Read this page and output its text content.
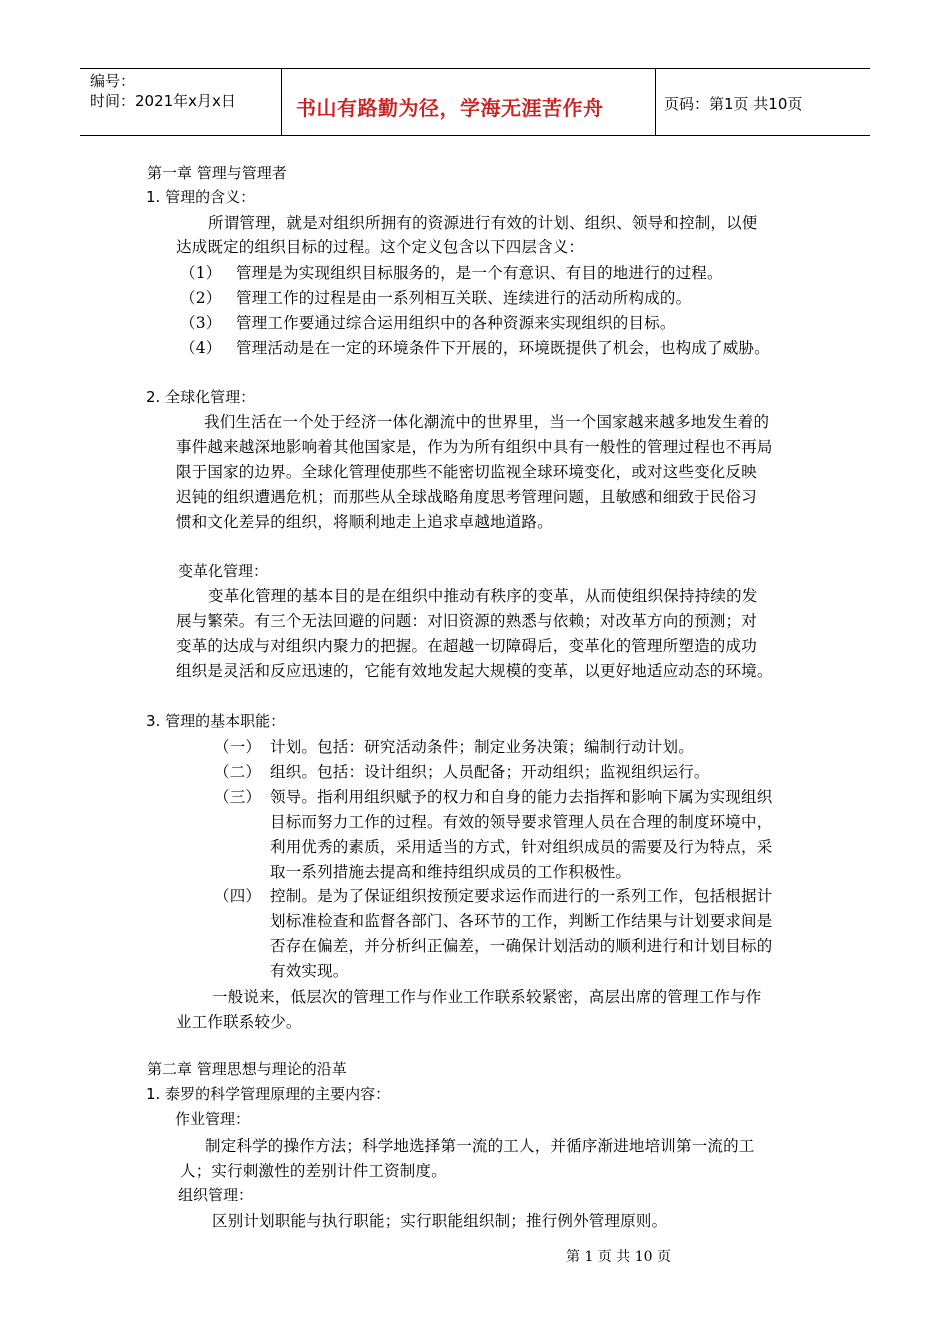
编号：
时间：2021年x月x日	书山有路勤为径，学海无涯苦作舟	页码：第1页 共10页
第一章 管理与管理者
1. 管理的含义：
所谓管理，就是对组织所拥有的资源进行有效的计划、组织、领导和控制，以便
达成既定的组织目标的过程。这个定义包含以下四层含义：
（1） 管理是为实现组织目标服务的，是一个有意识、有目的地进行的过程。
（2） 管理工作的过程是由一系列相互关联、连续进行的活动所构成的。
（3） 管理工作要通过综合运用组织中的各种资源来实现组织的目标。
（4） 管理活动是在一定的环境条件下开展的，环境既提供了机会，也构成了威胁。
2. 全球化管理：
我们生活在一个处于经济一体化潮流中的世界里，当一个国家越来越多地发生着的
事件越来越深地影响着其他国家是，作为为所有组织中具有一般性的管理过程也不再局
限于国家的边界。全球化管理使那些不能密切监视全球环境变化，或对这些变化反映
迟钝的组织遭遇危机；而那些从全球战略角度思考管理问题，且敏感和细致于民俗习
惯和文化差异的组织，将顺利地走上追求卓越地道路。
变革化管理：
变革化管理的基本目的是在组织中推动有秩序的变革，从而使组织保持持续的发
展与繁荣。有三个无法回避的问题：对旧资源的熟悉与依赖；对改革方向的预测；对
变革的达成与对组织内聚力的把握。在超越一切障碍后，变革化的管理所塑造的成功
组织是灵活和反应迅速的，它能有效地发起大规模的变革，以更好地适应动态的环境。
3. 管理的基本职能：
（一） 计划。包括：研究活动条件；制定业务决策；编制行动计划。
（二） 组织。包括：设计组织；人员配备；开动组织；监视组织运行。
（三） 领导。指利用组织赋予的权力和自身的能力去指挥和影响下属为实现组织
目标而努力工作的过程。有效的领导要求管理人员在合理的制度环境中，
利用优秀的素质，采用适当的方式，针对组织成员的需要及行为特点，采
取一系列措施去提高和维持组织成员的工作积极性。
（四） 控制。是为了保证组织按预定要求运作而进行的一系列工作，包括根据计
划标准检查和监督各部门、各环节的工作，判断工作结果与计划要求间是
否存在偏差，并分析纠正偏差，一确保计划活动的顺利进行和计划目标的
有效实现。
一般说来，低层次的管理工作与作业工作联系较紧密，高层出席的管理工作与作
业工作联系较少。
第二章 管理思想与理论的沿革
1. 泰罗的科学管理原理的主要内容：
作业管理：
制定科学的操作方法；科学地选择第一流的工人，并循序渐进地培训第一流的工
人；实行刺激性的差别计件工资制度。
组织管理：
区别计划职能与执行职能；实行职能组织制；推行例外管理原则。
第 1 页 共 10 页
